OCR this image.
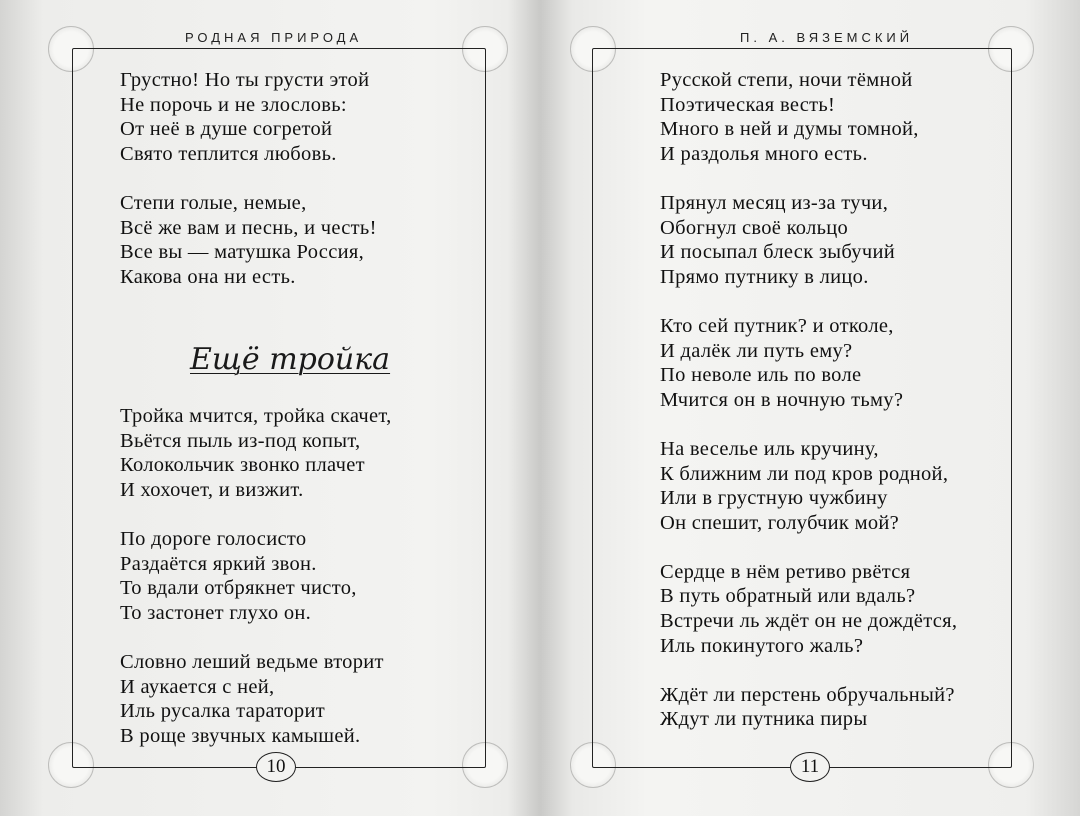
РОДНАЯ ПРИРОДА
Грустно! Но ты грусти этой
Не порочь и не злословь:
От неё в душе согретой
Свято теплится любовь.
Степи голые, немые,
Всё же вам и песнь, и честь!
Все вы — матушка Россия,
Какова она ни есть.
Ещё тройка
Тройка мчится, тройка скачет,
Вьётся пыль из-под копыт,
Колокольчик звонко плачет
И хохочет, и визжит.
По дороге голосисто
Раздаётся яркий звон.
То вдали отбрякнет чисто,
То застонет глухо он.
Словно леший ведьме вторит
И аукается с ней,
Иль русалка тараторит
В роще звучных камышей.
10
П. А. ВЯЗЕМСКИЙ
Русской степи, ночи тёмной
Поэтическая весть!
Много в ней и думы томной,
И раздолья много есть.
Прянул месяц из-за тучи,
Обогнул своё кольцо
И посыпал блеск зыбучий
Прямо путнику в лицо.
Кто сей путник? и отколе,
И далёк ли путь ему?
По неволе иль по воле
Мчится он в ночную тьму?
На веселье иль кручину,
К ближним ли под кров родной,
Или в грустную чужбину
Он спешит, голубчик мой?
Сердце в нём ретиво рвётся
В путь обратный или вдаль?
Встречи ль ждёт он не дождётся,
Иль покинутого жаль?
Ждёт ли перстень обручальный?
Ждут ли путника пиры
11
